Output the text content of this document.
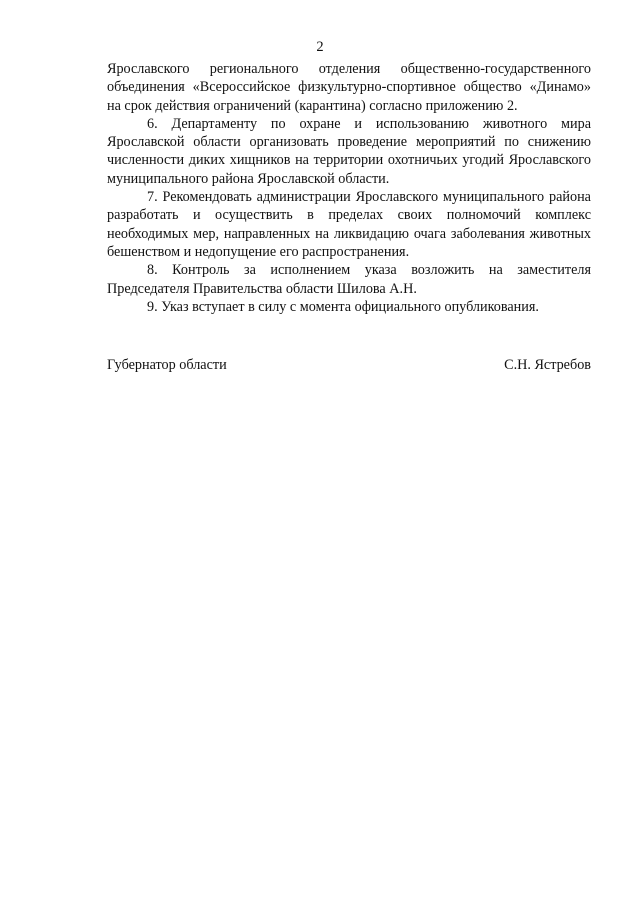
2

Ярославского регионального отделения общественно-государственного объединения «Всероссийское физкультурно-спортивное общество «Динамо» на срок действия ограничений (карантина) согласно приложению 2.

6. Департаменту по охране и использованию животного мира Ярославской области организовать проведение мероприятий по снижению численности диких хищников на территории охотничьих угодий Ярославского муниципального района Ярославской области.

7. Рекомендовать администрации Ярославского муниципального района разработать и осуществить в пределах своих полномочий комплекс необходимых мер, направленных на ликвидацию очага заболевания животных бешенством и недопущение его распространения.

8. Контроль за исполнением указа возложить на заместителя Председателя Правительства области Шилова А.Н.

9. Указ вступает в силу с момента официального опубликования.

Губернатор области	С.Н. Ястребов
